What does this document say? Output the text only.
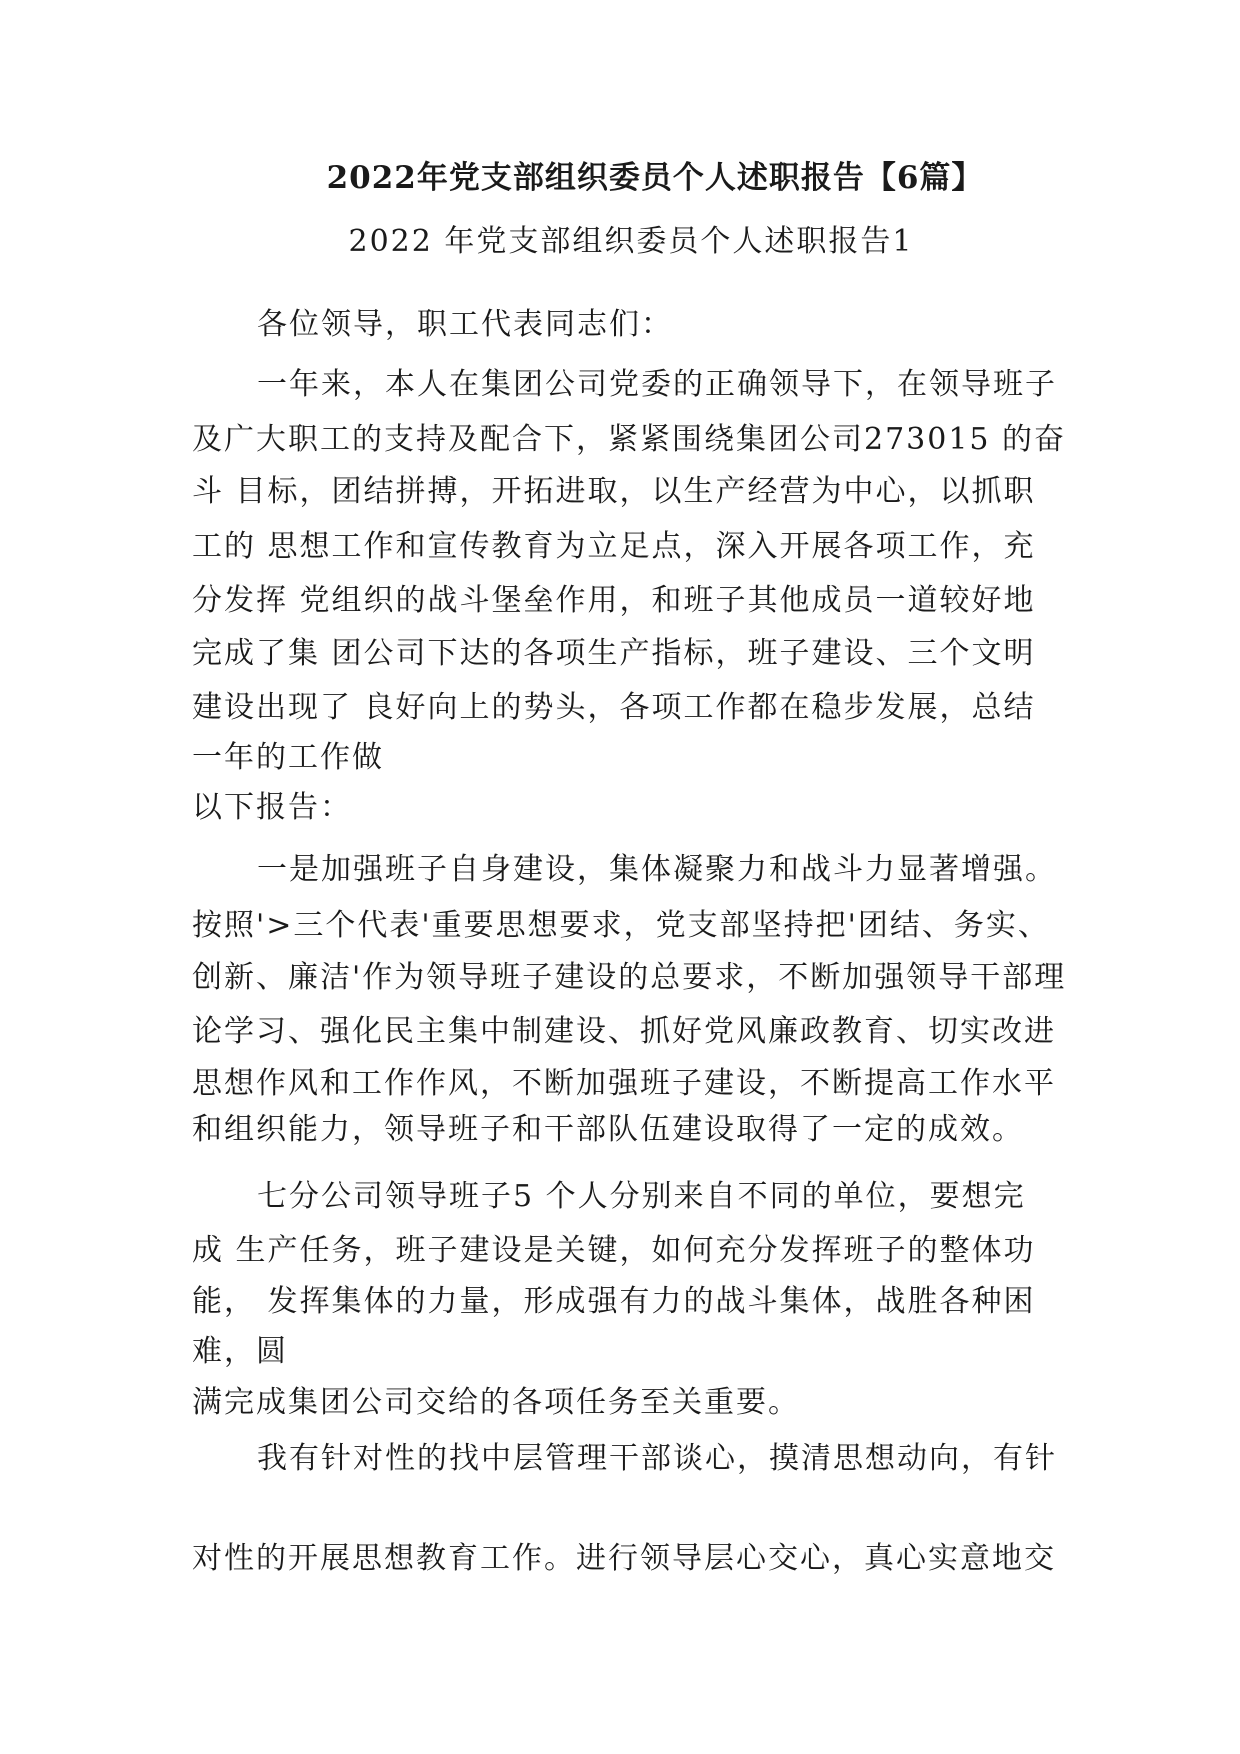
2022年党支部组织委员个人述职报告【6篇】
2022 年党支部组织委员个人述职报告1
各位领导，职工代表同志们：
一年来，本人在集团公司党委的正确领导下，在领导班子
及广大职工的支持及配合下，紧紧围绕集团公司273015 的奋
斗 目标，团结拼搏，开拓进取，以生产经营为中心，以抓职
工的 思想工作和宣传教育为立足点，深入开展各项工作，充
分发挥 党组织的战斗堡垒作用，和班子其他成员一道较好地
完成了集 团公司下达的各项生产指标，班子建设、三个文明
建设出现了 良好向上的势头，各项工作都在稳步发展，总结
一年的工作做
以下报告：
一是加强班子自身建设，集体凝聚力和战斗力显著增强。
按照'>三个代表'重要思想要求，党支部坚持把'团结、务实、
创新、廉洁'作为领导班子建设的总要求，不断加强领导干部理
论学习、强化民主集中制建设、抓好党风廉政教育、切实改进
思想作风和工作作风，不断加强班子建设，不断提高工作水平
和组织能力，领导班子和干部队伍建设取得了一定的成效。
七分公司领导班子5 个人分别来自不同的单位，要想完
成 生产任务，班子建设是关键，如何充分发挥班子的整体功
能， 发挥集体的力量，形成强有力的战斗集体，战胜各种困
难，圆
满完成集团公司交给的各项任务至关重要。
我有针对性的找中层管理干部谈心，摸清思想动向，有针
对性的开展思想教育工作。进行领导层心交心，真心实意地交
